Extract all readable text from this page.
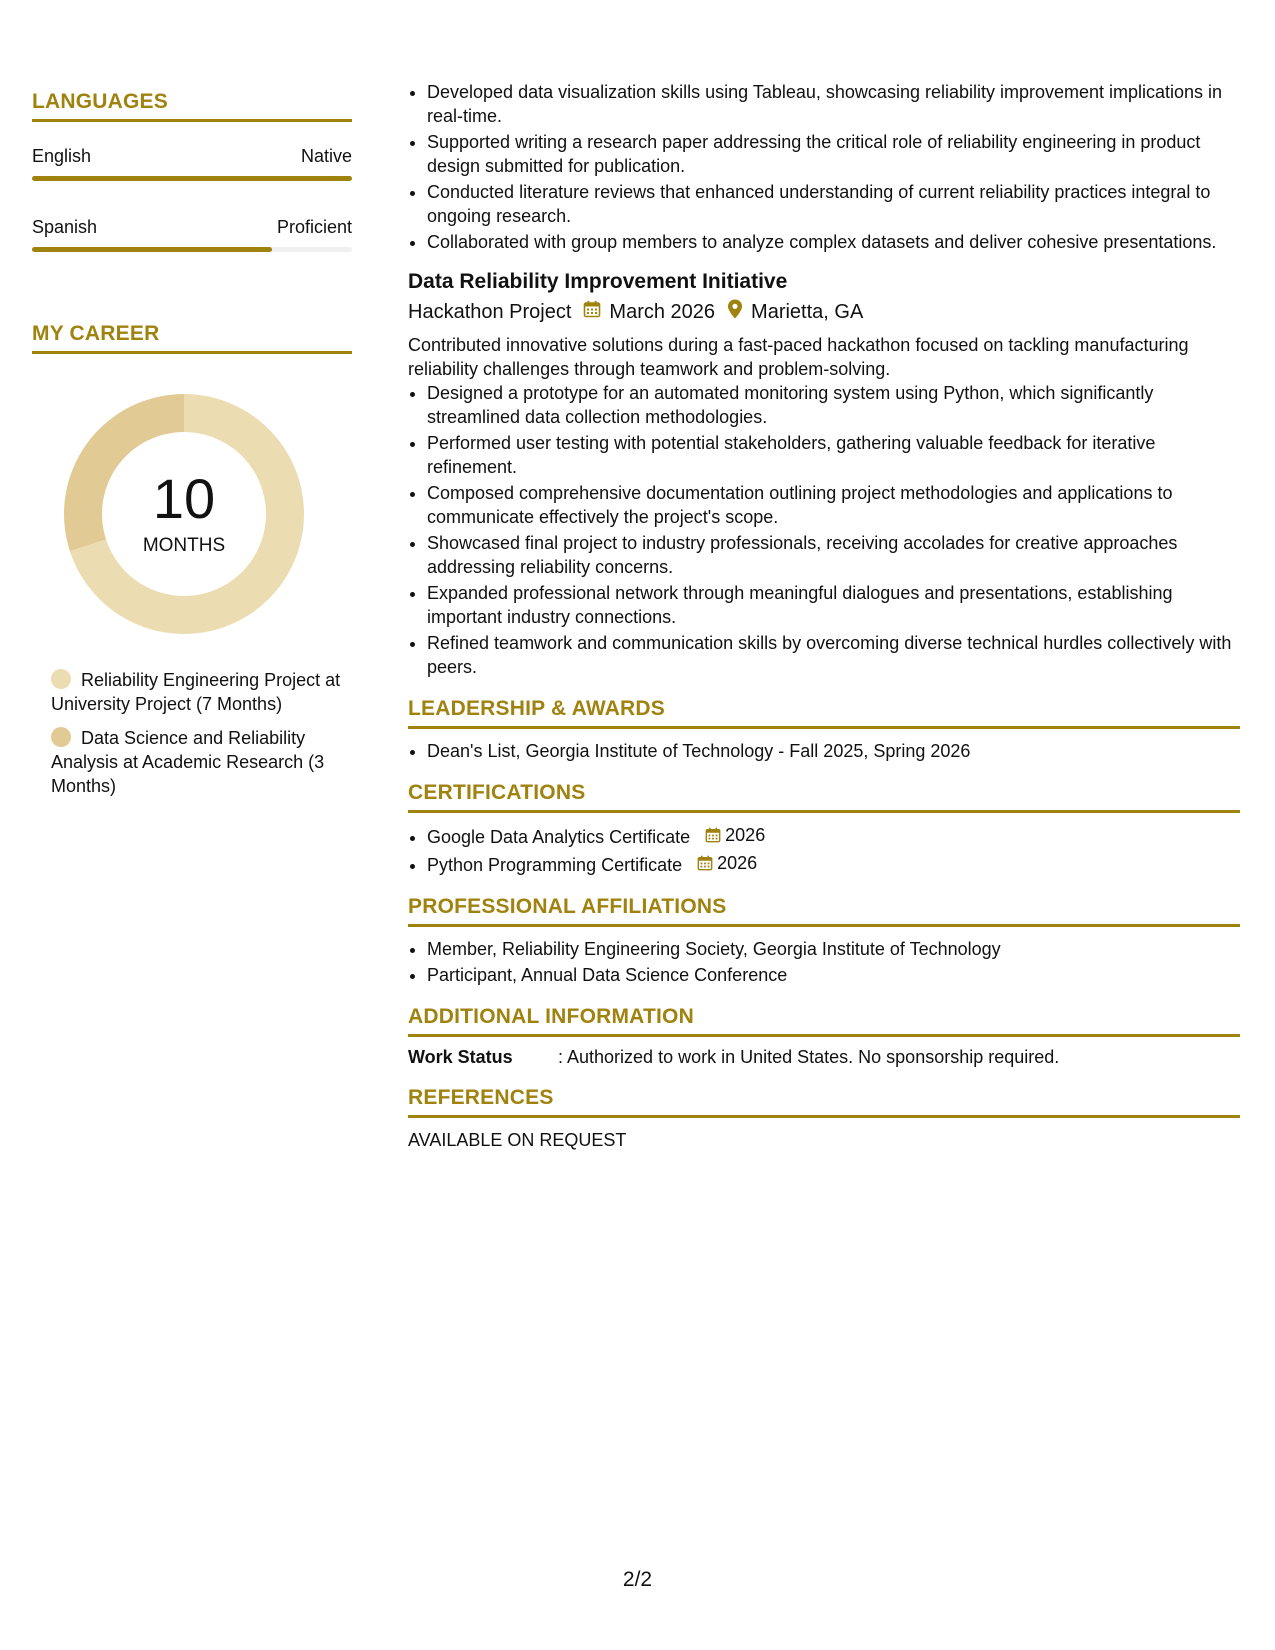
LANGUAGES
English	Native
Spanish	Proficient
MY CAREER
10
MONTHS
Reliability Engineering Project at University Project (7 Months)
Data Science and Reliability Analysis at Academic Research (3 Months)
• Developed data visualization skills using Tableau, showcasing reliability improvement implications in real-time.
• Supported writing a research paper addressing the critical role of reliability engineering in product design submitted for publication.
• Conducted literature reviews that enhanced understanding of current reliability practices integral to ongoing research.
• Collaborated with group members to analyze complex datasets and deliver cohesive presentations.
Data Reliability Improvement Initiative
Hackathon Project March 2026 Marietta, GA
Contributed innovative solutions during a fast-paced hackathon focused on tackling manufacturing reliability challenges through teamwork and problem-solving.
• Designed a prototype for an automated monitoring system using Python, which significantly streamlined data collection methodologies.
• Performed user testing with potential stakeholders, gathering valuable feedback for iterative refinement.
• Composed comprehensive documentation outlining project methodologies and applications to communicate effectively the project's scope.
• Showcased final project to industry professionals, receiving accolades for creative approaches addressing reliability concerns.
• Expanded professional network through meaningful dialogues and presentations, establishing important industry connections.
• Refined teamwork and communication skills by overcoming diverse technical hurdles collectively with peers.
LEADERSHIP & AWARDS
• Dean's List, Georgia Institute of Technology - Fall 2025, Spring 2026
CERTIFICATIONS
• Google Data Analytics Certificate 2026
• Python Programming Certificate 2026
PROFESSIONAL AFFILIATIONS
• Member, Reliability Engineering Society, Georgia Institute of Technology
• Participant, Annual Data Science Conference
ADDITIONAL INFORMATION
Work Status	: Authorized to work in United States. No sponsorship required.
REFERENCES
AVAILABLE ON REQUEST
2/2
